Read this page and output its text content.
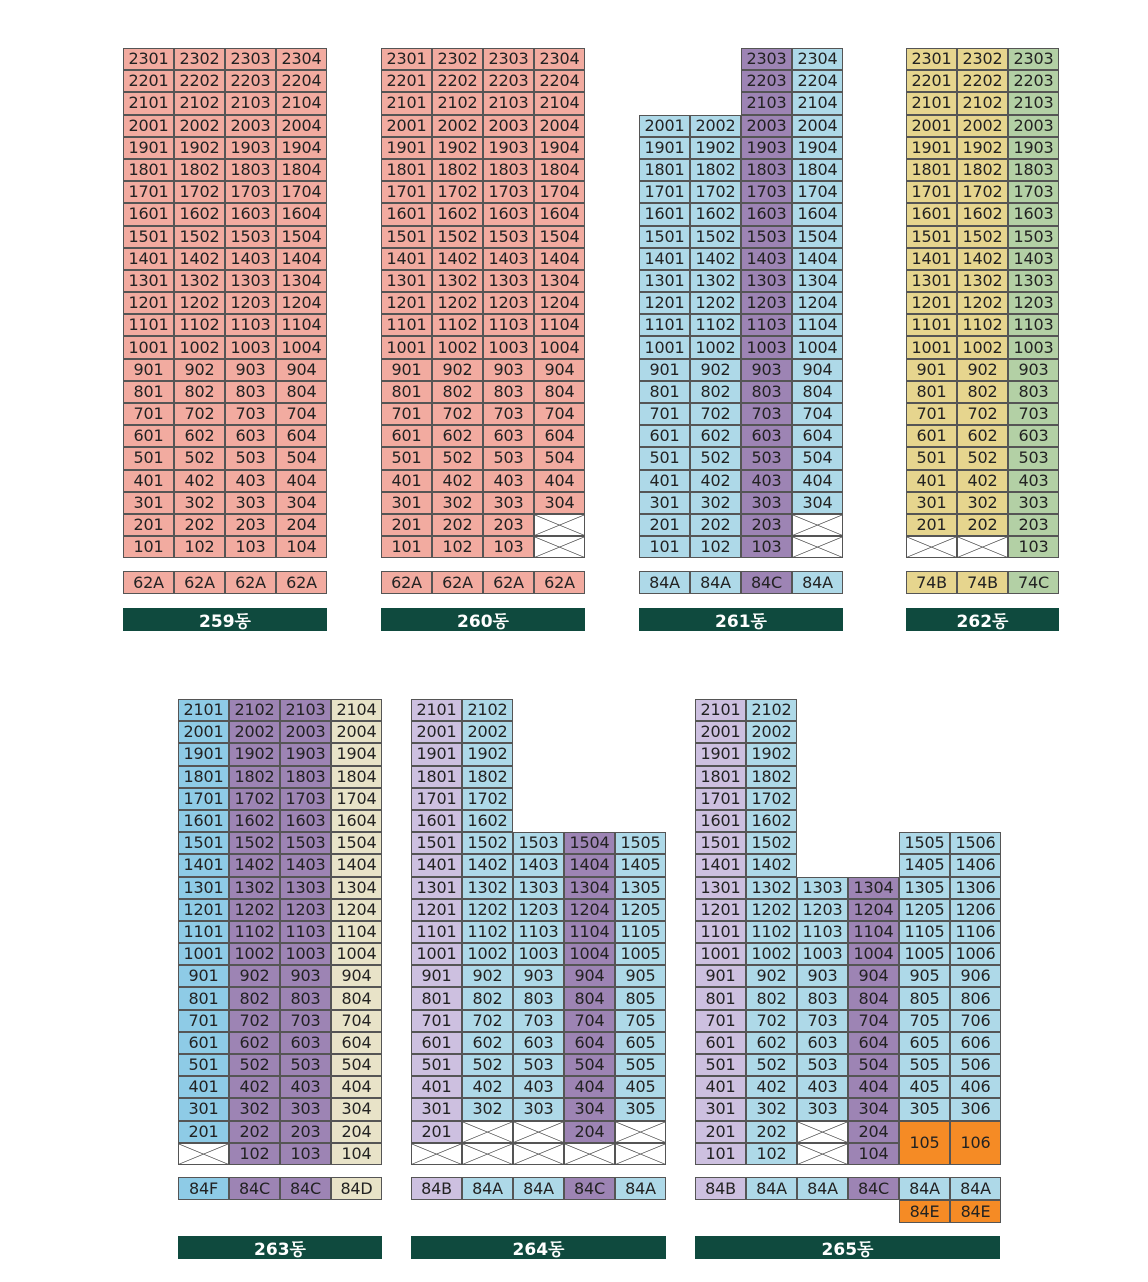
2301 2302 2303 2304
2201 2202 2203 2204
2101 2102 2103 2104
2001 2002 2003 2004
1901 1902 1903 1904
1801 1802 1803 1804
1701 1702 1703 1704
1601 1602 1603 1604
1501 1502 1503 1504
1401 1402 1403 1404
1301 1302 1303 1304
1201 1202 1203 1204
1101 1102 1103 1104
1001 1002 1003 1004
901	902	903	904
801	802	803	804
701	702	703	704
601	602	603	604
501	502	503	504
401	402	403	404
301	302	303	304
201	202	203	204
101	102	103	104
62A	62A	62A	62A
259동
2301 2302 2303 2304
2201 2202 2203 2204
2101 2102 2103 2104
2001 2002 2003 2004
1901 1902 1903 1904
1801 1802 1803 1804
1701 1702 1703 1704
1601 1602 1603 1604
1501 1502 1503 1504
1401 1402 1403 1404
1301 1302 1303 1304
1201 1202 1203 1204
1101 1102 1103 1104
1001 1002 1003 1004
901	902	903	904
801	802	803	804
701	702	703	704
601	602	603	604
501	502	503	504
401	402	403	404
301	302	303	304
201	202	203
101	102	103
62A	62A	62A	62A
260동
2303 2304
2203 2204
2103 2104
2001 2002 2003 2004
1901 1902 1903 1904
1801 1802 1803 1804
1701 1702 1703 1704
1601 1602 1603 1604
1501 1502 1503 1504
1401 1402 1403 1404
1301 1302 1303 1304
1201 1202 1203 1204
1101 1102 1103 1104
1001 1002 1003 1004
901	902	903	904
801	802	803	804
701	702	703	704
601	602	603	604
501	502	503	504
401	402	403	404
301	302	303	304
201	202	203
101	102	103
84A	84A	84C	84A
261동
2301 2302 2303
2201 2202 2203
2101 2102 2103
2001 2002 2003
1901 1902 1903
1801 1802 1803
1701 1702 1703
1601 1602 1603
1501 1502 1503
1401 1402 1403
1301 1302 1303
1201 1202 1203
1101 1102 1103
1001 1002 1003
901	902	903
801	802	803
701	702	703
601	602	603
501	502	503
401	402	403
301	302	303
201	202	203
103
74B	74B	74C
262동
2101 2102 2103 2104
2001 2002 2003 2004
1901 1902 1903 1904
1801 1802 1803 1804
1701 1702 1703 1704
1601 1602 1603 1604
1501 1502 1503 1504
1401 1402 1403 1404
1301 1302 1303 1304
1201 1202 1203 1204
1101 1102 1103 1104
1001 1002 1003 1004
901	902	903	904
801	802	803	804
701	702	703	704
601	602	603	604
501	502	503	504
401	402	403	404
301	302	303	304
201	202	203	204
102	103	104
84F	84C	84C	84D
263동
2101 2102
2001 2002
1901 1902
1801 1802
1701 1702
1601 1602
1501 1502 1503 1504 1505
1401 1402 1403 1404 1405
1301 1302 1303 1304 1305
1201 1202 1203 1204 1205
1101 1102 1103 1104 1105
1001 1002 1003 1004 1005
901	902	903	904	905
801	802	803	804	805
701	702	703	704	705
601	602	603	604	605
501	502	503	504	505
401	402	403	404	405
301	302	303	304	305
201	204
84B	84A	84A	84C	84A
264동
2101 2102
2001 2002
1901 1902
1801 1802
1701 1702
1601 1602
1501 1502	1505 1506
1401 1402	1405 1406
1301 1302 1303 1304 1305 1306
1201 1202 1203 1204 1205 1206
1101 1102 1103 1104 1105 1106
1001 1002 1003 1004 1005 1006
901	902	903	904	905	906
801	802	803	804	805	806
701	702	703	704	705	706
601	602	603	604	605	606
501	502	503	504	505	506
401	402	403	404	405	406
301	302	303	304	305	306
201	202	204
105	106
101	102	104
84B	84A	84A	84C	84A	84A
84E	84E
265동
